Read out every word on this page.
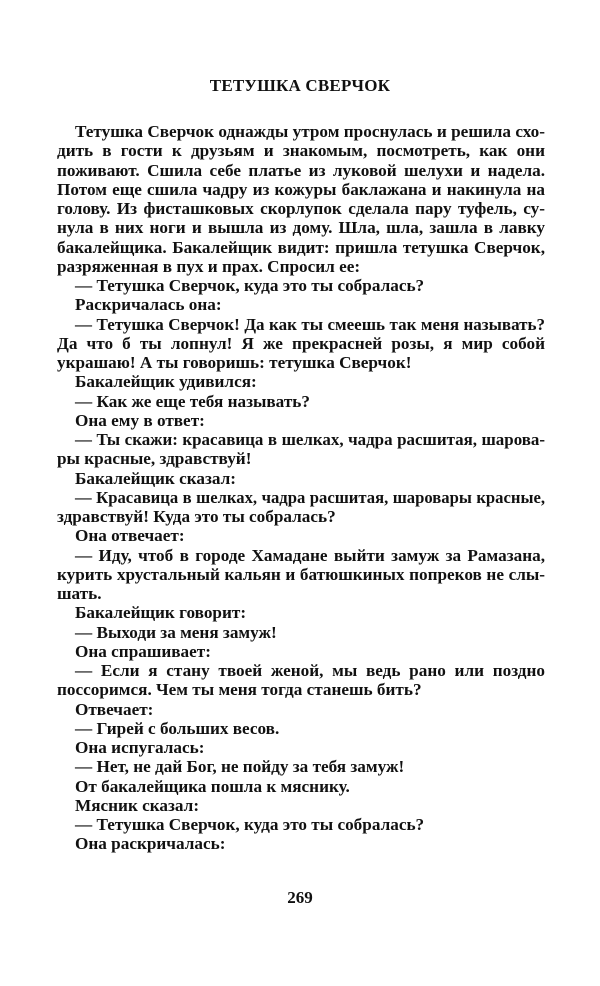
ТЕТУШКА СВЕРЧОК
Тетушка Сверчок однажды утром проснулась и решила схо-
дить в гости к друзьям и знакомым, посмотреть, как они
поживают. Сшила себе платье из луковой шелухи и надела.
Потом еще сшила чадру из кожуры баклажана и накинула на
голову. Из фисташковых скорлупок сделала пару туфель, су-
нула в них ноги и вышла из дому. Шла, шла, зашла в лавку
бакалейщика. Бакалейщик видит: пришла тетушка Сверчок,
разряженная в пух и прах. Спросил ее:
— Тетушка Сверчок, куда это ты собралась?
Раскричалась она:
— Тетушка Сверчок! Да как ты смеешь так меня называть?
Да что б ты лопнул! Я же прекрасней розы, я мир собой
украшаю! А ты говоришь: тетушка Сверчок!
Бакалейщик удивился:
— Как же еще тебя называть?
Она ему в ответ:
— Ты скажи: красавица в шелках, чадра расшитая, шарова-
ры красные, здравствуй!
Бакалейщик сказал:
— Красавица в шелках, чадра расшитая, шаровары красные,
здравствуй! Куда это ты собралась?
Она отвечает:
— Иду, чтоб в городе Хамадане выйти замуж за Рамазана,
курить хрустальный кальян и батюшкиных попреков не слы-
шать.
Бакалейщик говорит:
— Выходи за меня замуж!
Она спрашивает:
— Если я стану твоей женой, мы ведь рано или поздно
поссоримся. Чем ты меня тогда станешь бить?
Отвечает:
— Гирей с больших весов.
Она испугалась:
— Нет, не дай Бог, не пойду за тебя замуж!
От бакалейщика пошла к мяснику.
Мясник сказал:
— Тетушка Сверчок, куда это ты собралась?
Она раскричалась:
269
